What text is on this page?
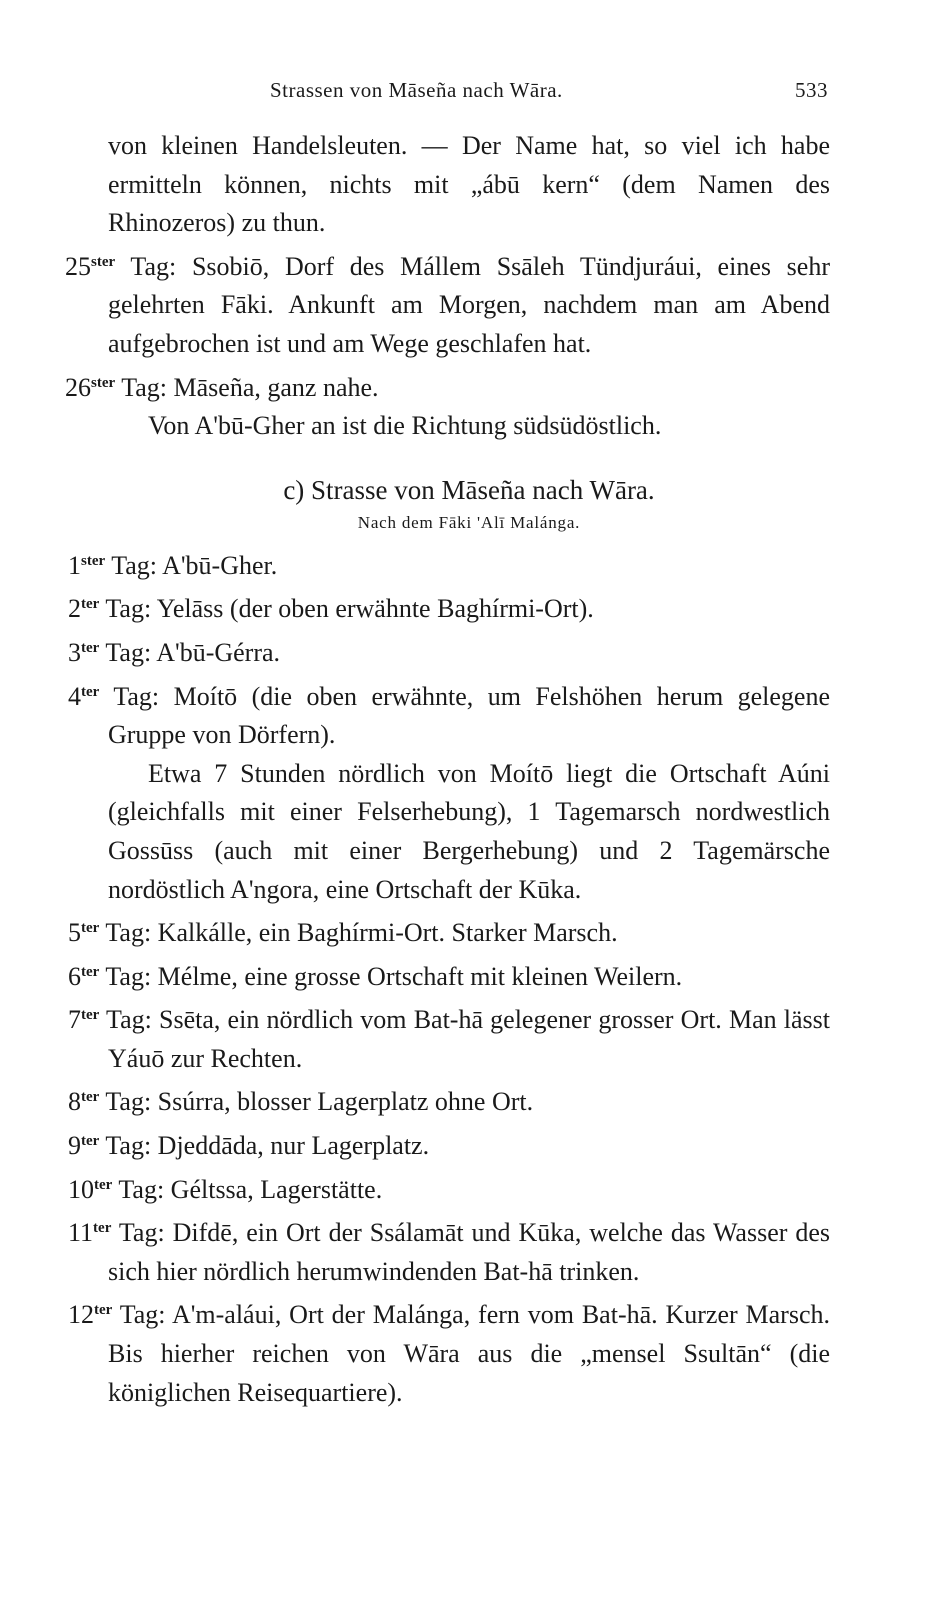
Strassen von Māseña nach Wāra.	533

von kleinen Handelsleuten. — Der Name hat, so viel ich habe ermitteln können, nichts mit „ábū kern“ (dem Namen des Rhinozeros) zu thun.

$25^{ster}$ Tag: Ssobiō, Dorf des Mállem Ssāleh Tündjuráui, eines sehr gelehrten Fāki. Ankunft am Morgen, nachdem man am Abend aufgebrochen ist und am Wege geschlafen hat.

$26^{ster}$ Tag: Māseña, ganz nahe.

Von A'bū-Gher an ist die Richtung südsüdöstlich.

c) Strasse von Māseña nach Wāra.
Nach dem Fāki 'Alī Malánga.

$1^{ster}$ Tag: A'bū-Gher.

$2^{ter}$ Tag: Yelāss (der oben erwähnte Baghírmi-Ort).

$3^{ter}$ Tag: A'bū-Gérra.

$4^{ter}$ Tag: Moítō (die oben erwähnte, um Felshöhen herum gelegene Gruppe von Dörfern).

Etwa 7 Stunden nördlich von Moítō liegt die Ortschaft Aúni (gleichfalls mit einer Felserhebung), 1 Tagemarsch nordwestlich Gossūss (auch mit einer Bergerhebung) und 2 Tagemärsche nordöstlich A'ngora, eine Ortschaft der Kūka.

$5^{ter}$ Tag: Kalkálle, ein Baghírmi-Ort. Starker Marsch.

$6^{ter}$ Tag: Mélme, eine grosse Ortschaft mit kleinen Weilern.

$7^{ter}$ Tag: Ssēta, ein nördlich vom Bat-hā gelegener grosser Ort. Man lässt Yáuō zur Rechten.

$8^{ter}$ Tag: Ssúrra, blosser Lagerplatz ohne Ort.

$9^{ter}$ Tag: Djeddāda, nur Lagerplatz.

$10^{ter}$ Tag: Géltssa, Lagerstätte.

$11^{ter}$ Tag: Difdē, ein Ort der Ssálamāt und Kūka, welche das Wasser des sich hier nördlich herumwindenden Bat-hā trinken.

$12^{ter}$ Tag: A'm-aláui, Ort der Malánga, fern vom Bat-hā. Kurzer Marsch. Bis hierher reichen von Wāra aus die „mensel Ssultān“ (die königlichen Reisequartiere).
